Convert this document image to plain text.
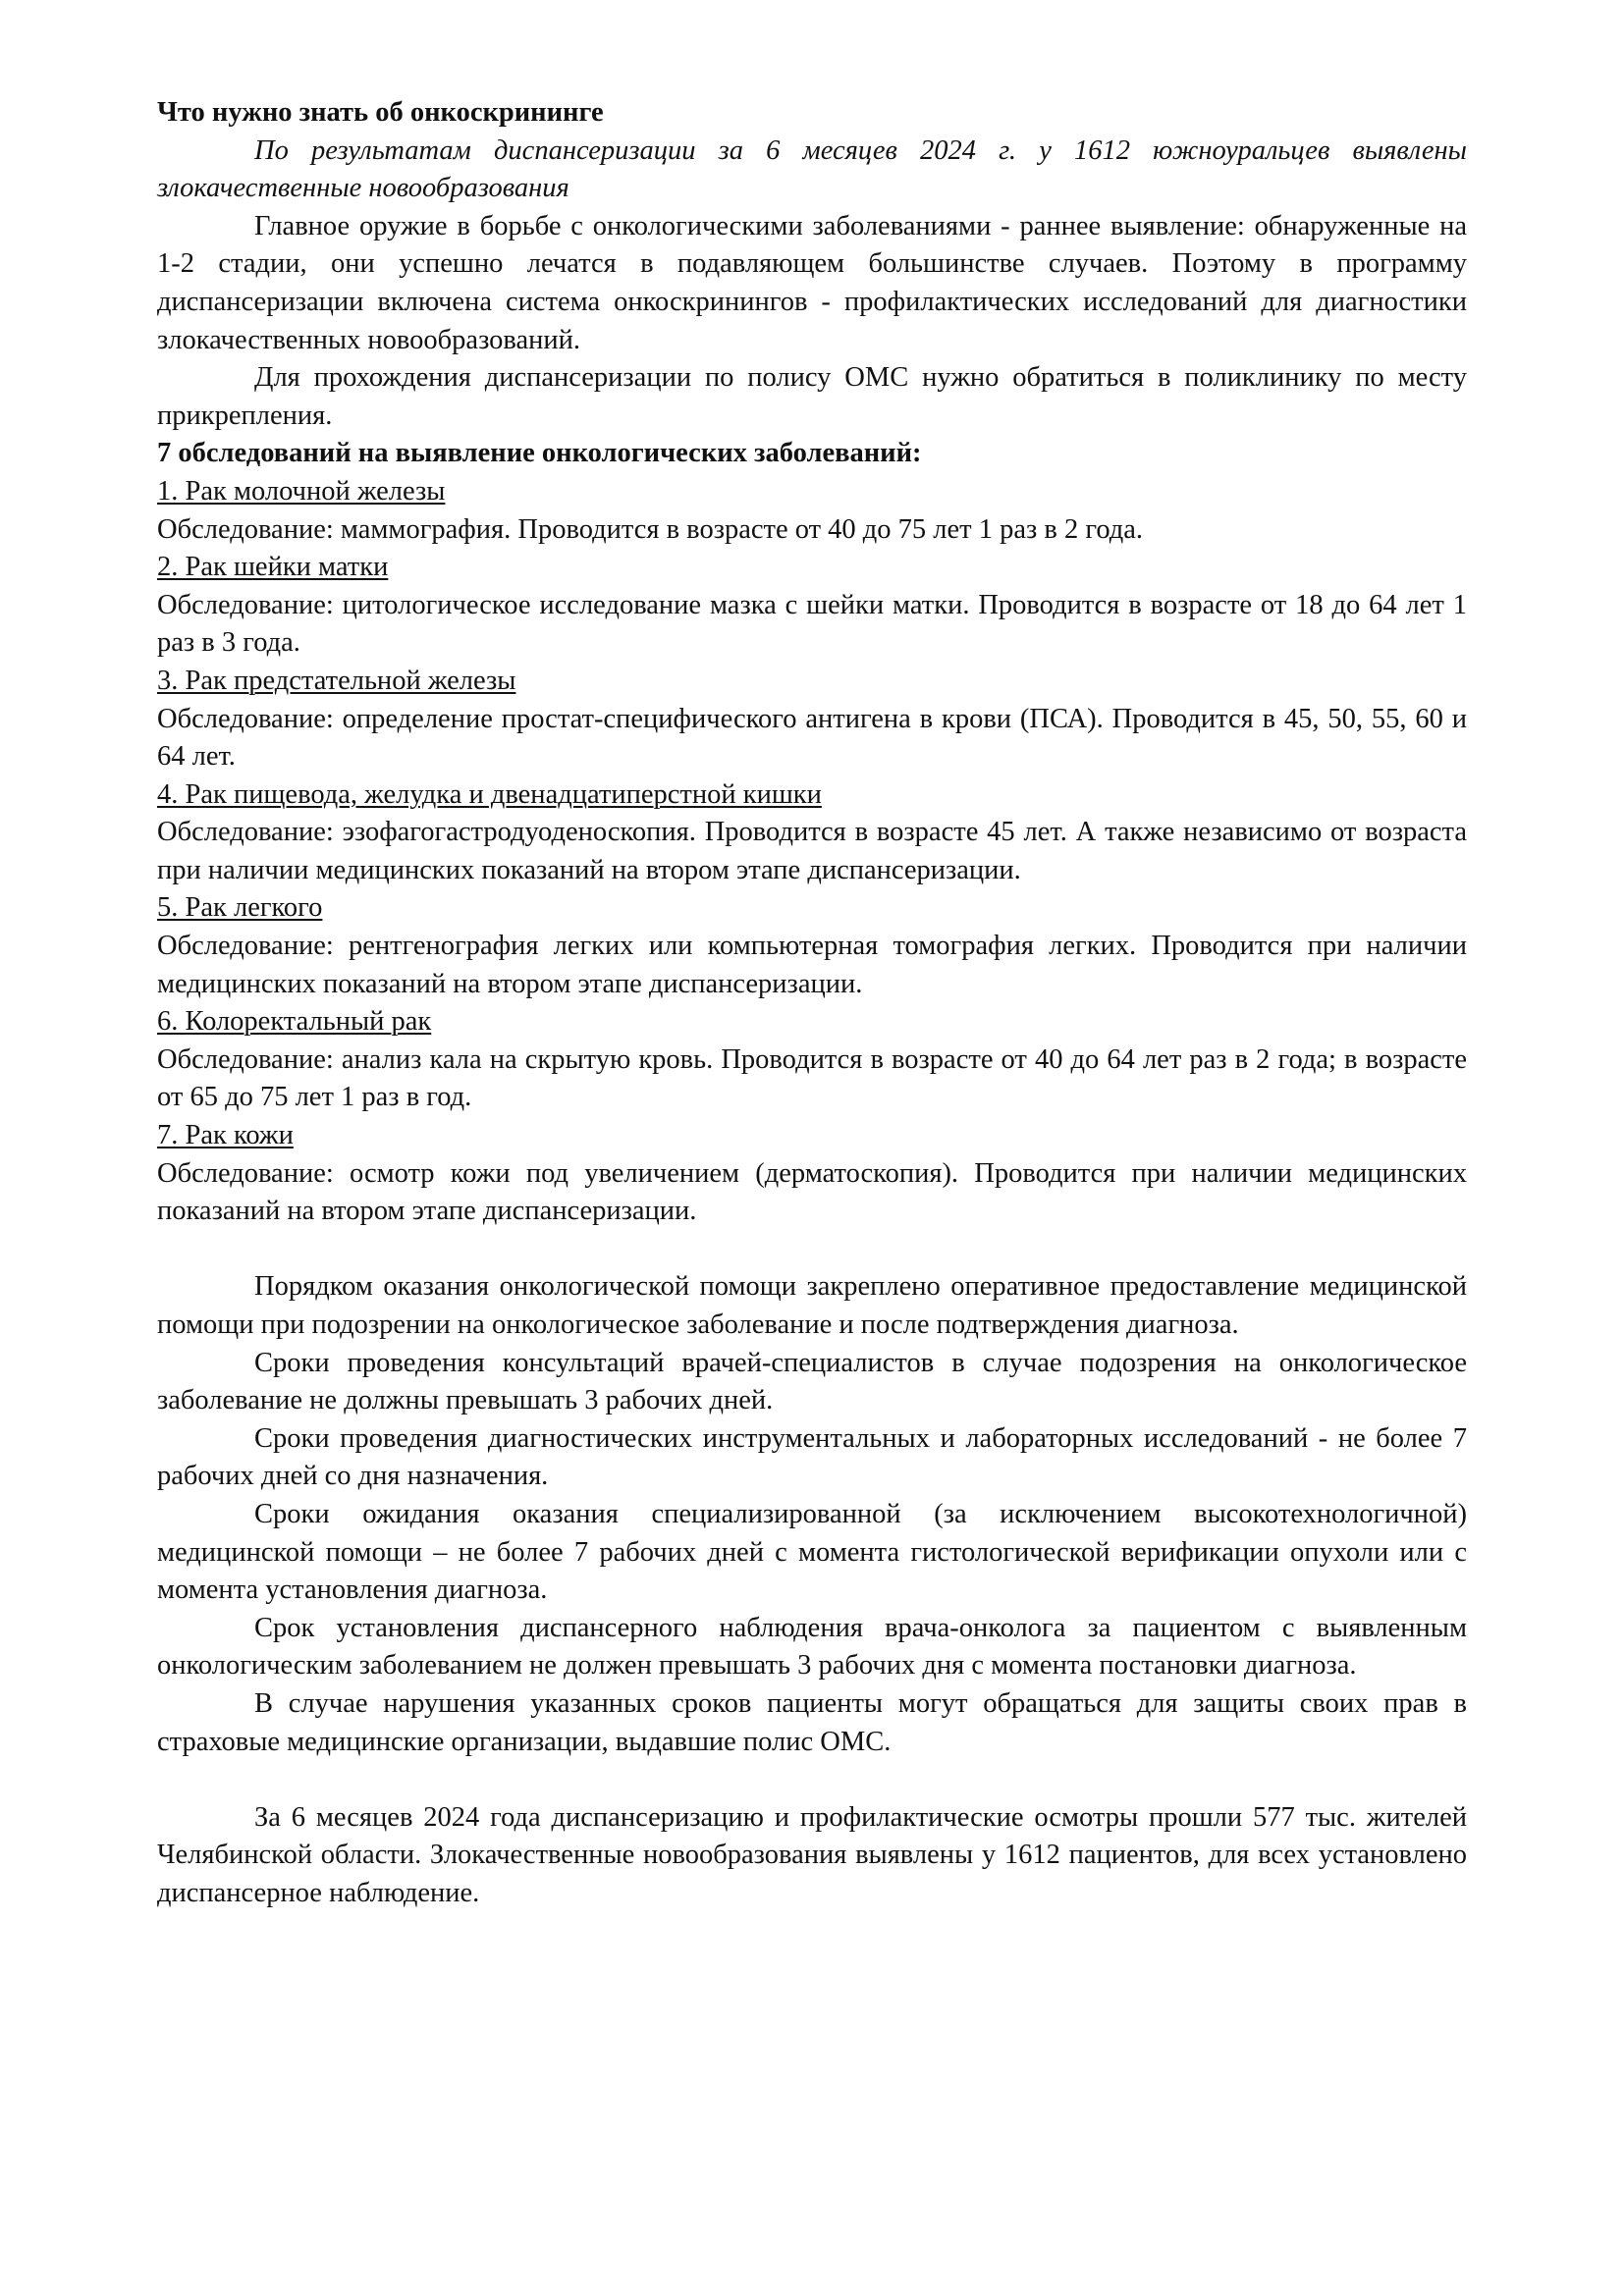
Что нужно знать об онкоскрининге

По результатам диспансеризации за 6 месяцев 2024 г. у 1612 южноуральцев выявлены злокачественные новообразования

Главное оружие в борьбе с онкологическими заболеваниями - раннее выявление: обнаруженные на 1-2 стадии, они успешно лечатся в подавляющем большинстве случаев. Поэтому в программу диспансеризации включена система онкоскринингов - профилактических исследований для диагностики злокачественных новообразований.

Для прохождения диспансеризации по полису ОМС нужно обратиться в поликлинику по месту прикрепления.

7 обследований на выявление онкологических заболеваний:

1. Рак молочной железы

Обследование: маммография. Проводится в возрасте от 40 до 75 лет 1 раз в 2 года.

2. Рак шейки матки

Обследование: цитологическое исследование мазка с шейки матки. Проводится в возрасте от 18 до 64 лет 1 раз в 3 года.

3. Рак предстательной железы

Обследование: определение простат-специфического антигена в крови (ПСА). Проводится в 45, 50, 55, 60 и 64 лет.

4. Рак пищевода, желудка и двенадцатиперстной кишки

Обследование: эзофагогастродуоденоскопия. Проводится в возрасте 45 лет. А также независимо от возраста при наличии медицинских показаний на втором этапе диспансеризации.

5. Рак легкого

Обследование: рентгенография легких или компьютерная томография легких. Проводится при наличии медицинских показаний на втором этапе диспансеризации.

6. Колоректальный рак

Обследование: анализ кала на скрытую кровь. Проводится в возрасте от 40 до 64 лет раз в 2 года; в возрасте от 65 до 75 лет 1 раз в год.

7. Рак кожи

Обследование: осмотр кожи под увеличением (дерматоскопия). Проводится при наличии медицинских показаний на втором этапе диспансеризации.

Порядком оказания онкологической помощи закреплено оперативное предоставление медицинской помощи при подозрении на онкологическое заболевание и после подтверждения диагноза.

Сроки проведения консультаций врачей-специалистов в случае подозрения на онкологическое заболевание не должны превышать 3 рабочих дней.

Сроки проведения диагностических инструментальных и лабораторных исследований - не более 7 рабочих дней со дня назначения.

Сроки ожидания оказания специализированной (за исключением высокотехнологичной) медицинской помощи – не более 7 рабочих дней с момента гистологической верификации опухоли или с момента установления диагноза.

Срок установления диспансерного наблюдения врача-онколога за пациентом с выявленным онкологическим заболеванием не должен превышать 3 рабочих дня с момента постановки диагноза.

В случае нарушения указанных сроков пациенты могут обращаться для защиты своих прав в страховые медицинские организации, выдавшие полис ОМС.

За 6 месяцев 2024 года диспансеризацию и профилактические осмотры прошли 577 тыс. жителей Челябинской области. Злокачественные новообразования выявлены у 1612 пациентов, для всех установлено диспансерное наблюдение.
